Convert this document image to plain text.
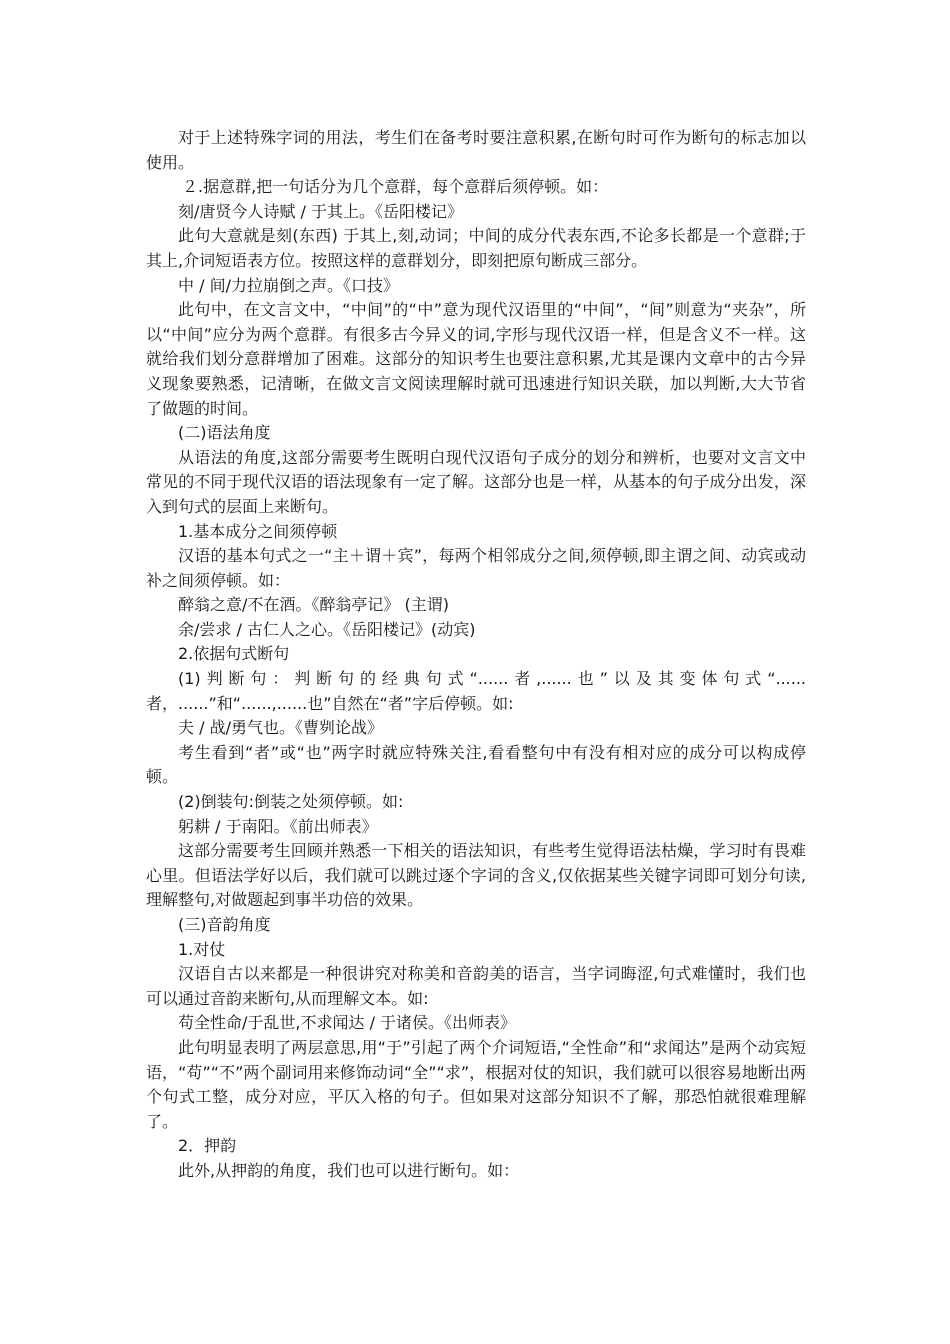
对于上述特殊字词的用法，考生们在备考时要注意积累,在断句时可作为断句的标志加以使用。

２.据意群,把一句话分为几个意群，每个意群后须停顿。如：

刻/唐贤今人诗赋 / 于其上。《岳阳楼记》

此句大意就是刻(东西) 于其上,刻,动词；中间的成分代表东西,不论多长都是一个意群;于其上,介词短语表方位。按照这样的意群划分，即刻把原句断成三部分。

中 / 间/力拉崩倒之声。《口技》

此句中，在文言文中，“中间”的“中”意为现代汉语里的“中间”，“间”则意为“夹杂”，所以“中间”应分为两个意群。有很多古今异义的词,字形与现代汉语一样，但是含义不一样。这就给我们划分意群增加了困难。这部分的知识考生也要注意积累,尤其是课内文章中的古今异义现象要熟悉，记清晰，在做文言文阅读理解时就可迅速进行知识关联，加以判断,大大节省了做题的时间。

(二)语法角度

从语法的角度,这部分需要考生既明白现代汉语句子成分的划分和辨析，也要对文言文中常见的不同于现代汉语的语法现象有一定了解。这部分也是一样，从基本的句子成分出发，深入到句式的层面上来断句。

1.基本成分之间须停顿

汉语的基本句式之一“主＋谓＋宾”，每两个相邻成分之间,须停顿,即主谓之间、动宾或动补之间须停顿。如：

醉翁之意/不在酒。《醉翁亭记》 (主谓)

余/尝求 / 古仁人之心。《岳阳楼记》(动宾)

2.依据句式断句

(1)判断句：判断句的经典句式“......者,......也”以及其变体句式“......者，......”和“......,......也”自然在“者”字后停顿。如:

夫 / 战/勇气也。《曹刿论战》

考生看到“者”或“也”两字时就应特殊关注,看看整句中有没有相对应的成分可以构成停顿。

(2)倒装句:倒装之处须停顿。如:

躬耕 / 于南阳。《前出师表》

这部分需要考生回顾并熟悉一下相关的语法知识，有些考生觉得语法枯燥，学习时有畏难心里。但语法学好以后，我们就可以跳过逐个字词的含义,仅依据某些关键字词即可划分句读,理解整句,对做题起到事半功倍的效果。

(三)音韵角度

1.对仗

汉语自古以来都是一种很讲究对称美和音韵美的语言，当字词晦涩,句式难懂时，我们也可以通过音韵来断句,从而理解文本。如:

苟全性命/于乱世,不求闻达 / 于诸侯。《出师表》

此句明显表明了两层意思,用“于”引起了两个介词短语,“全性命”和“求闻达”是两个动宾短语，“苟”“不”两个副词用来修饰动词“全”“求”，根据对仗的知识，我们就可以很容易地断出两个句式工整，成分对应，平仄入格的句子。但如果对这部分知识不了解，那恐怕就很难理解了。

2．押韵

此外,从押韵的角度，我们也可以进行断句。如：
